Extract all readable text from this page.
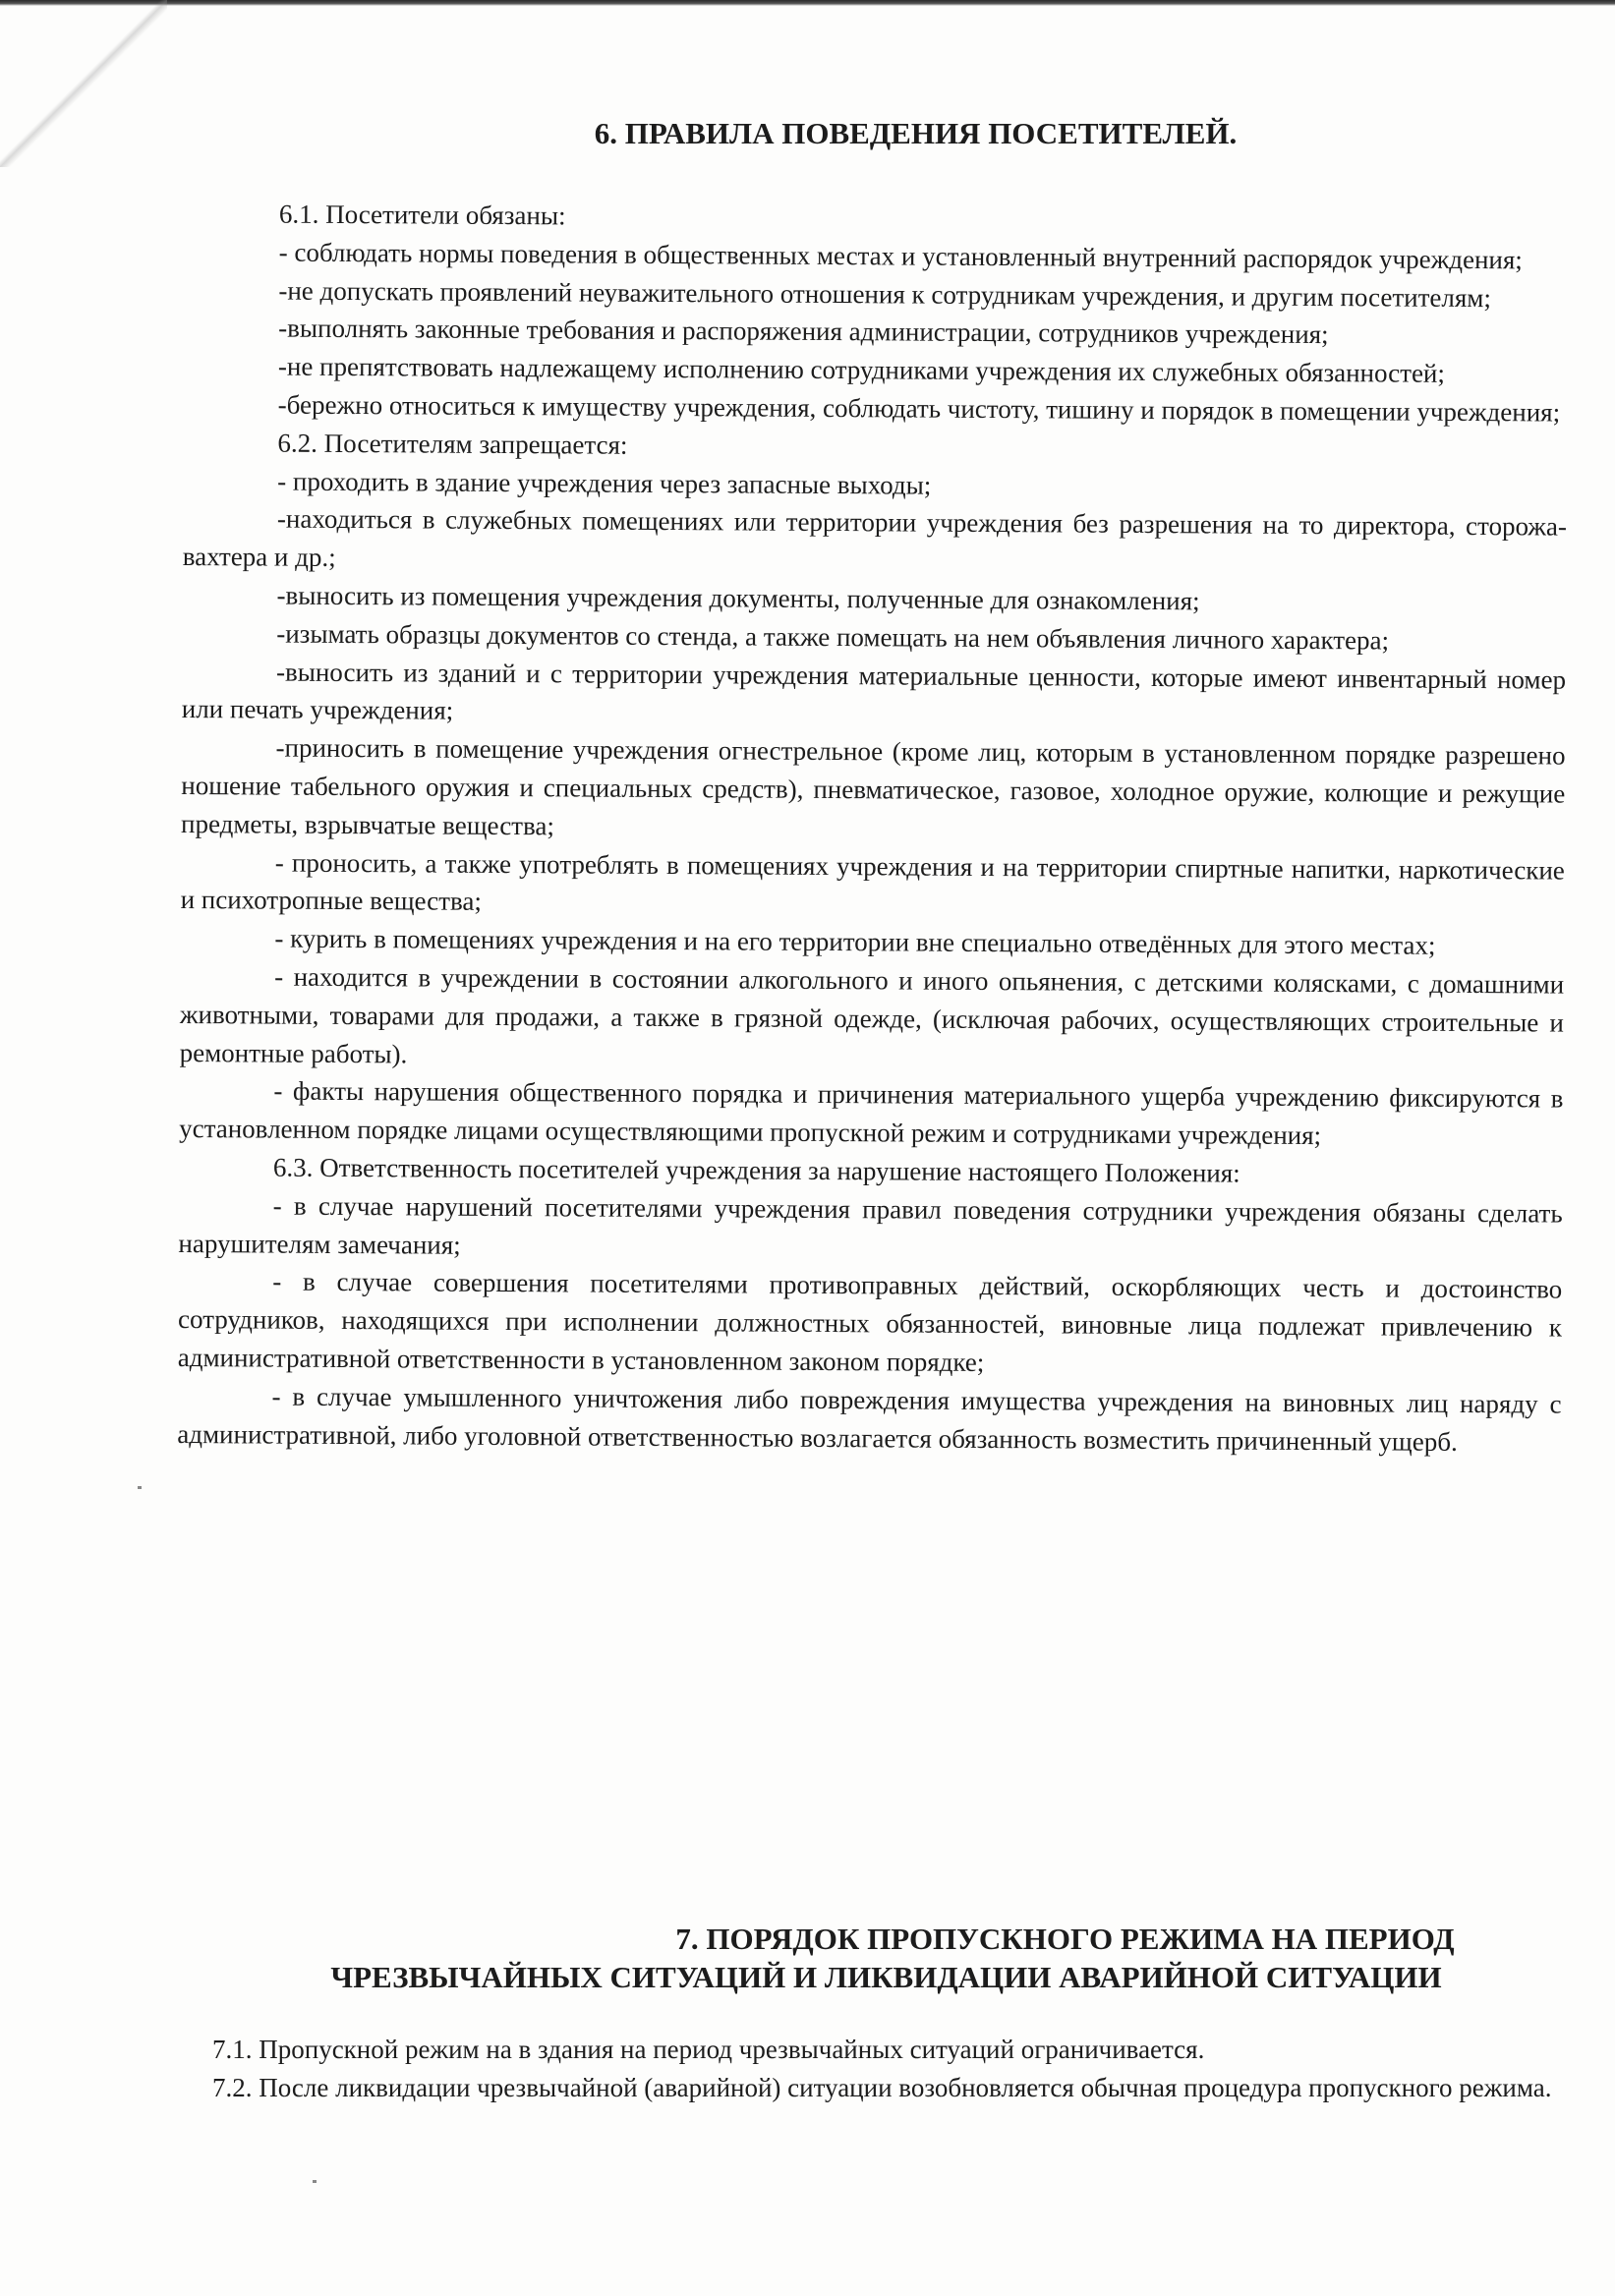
6. ПРАВИЛА ПОВЕДЕНИЯ ПОСЕТИТЕЛЕЙ.

6.1. Посетители обязаны:

- соблюдать нормы поведения в общественных местах и установленный внутренний распорядок учреждения;

-не допускать проявлений неуважительного отношения к сотрудникам учреждения, и другим посетителям;

-выполнять законные требования и распоряжения администрации, сотрудников учреждения;

-не препятствовать надлежащему исполнению сотрудниками учреждения их служебных обязанностей;

-бережно относиться к имуществу учреждения, соблюдать чистоту, тишину и порядок в помещении учреждения;

6.2. Посетителям запрещается:

- проходить в здание учреждения через запасные выходы;

-находиться в служебных помещениях или территории учреждения без разрешения на то директора, сторожа-вахтера и др.;

-выносить из помещения учреждения документы, полученные для ознакомления;

-изымать образцы документов со стенда, а также помещать на нем объявления личного характера;

-выносить из зданий и с территории учреждения материальные ценности, которые имеют инвентарный номер или печать учреждения;

-приносить в помещение учреждения огнестрельное (кроме лиц, которым в установленном порядке разрешено ношение табельного оружия и специальных средств), пневматическое, газовое, холодное оружие, колющие и режущие предметы, взрывчатые вещества;

- проносить, а также употреблять в помещениях учреждения и на территории спиртные напитки, наркотические и психотропные вещества;

- курить в помещениях учреждения и на его территории вне специально отведённых для этого местах;

- находится в учреждении в состоянии алкогольного и иного опьянения, с детскими колясками, с домашними животными, товарами для продажи, а также в грязной одежде, (исключая рабочих, осуществляющих строительные и ремонтные работы).

- факты нарушения общественного порядка и причинения материального ущерба учреждению фиксируются в установленном порядке лицами осуществляющими пропускной режим и сотрудниками учреждения;

6.3. Ответственность посетителей учреждения за нарушение настоящего Положения:

- в случае нарушений посетителями учреждения правил поведения сотрудники учреждения обязаны сделать нарушителям замечания;

- в случае совершения посетителями противоправных действий, оскорбляющих честь и достоинство сотрудников, находящихся при исполнении должностных обязанностей, виновные лица подлежат привлечению к административной ответственности в установленном законом порядке;

- в случае умышленного уничтожения либо повреждения имущества учреждения на виновных лиц наряду с административной, либо уголовной ответственностью возлагается обязанность возместить причиненный ущерб.

7. ПОРЯДОК ПРОПУСКНОГО РЕЖИМА НА ПЕРИОД
ЧРЕЗВЫЧАЙНЫХ СИТУАЦИЙ И ЛИКВИДАЦИИ АВАРИЙНОЙ СИТУАЦИИ

7.1. Пропускной режим на в здания на период чрезвычайных ситуаций ограничивается.

7.2. После ликвидации чрезвычайной (аварийной) ситуации возобновляется обычная процедура пропускного режима.
